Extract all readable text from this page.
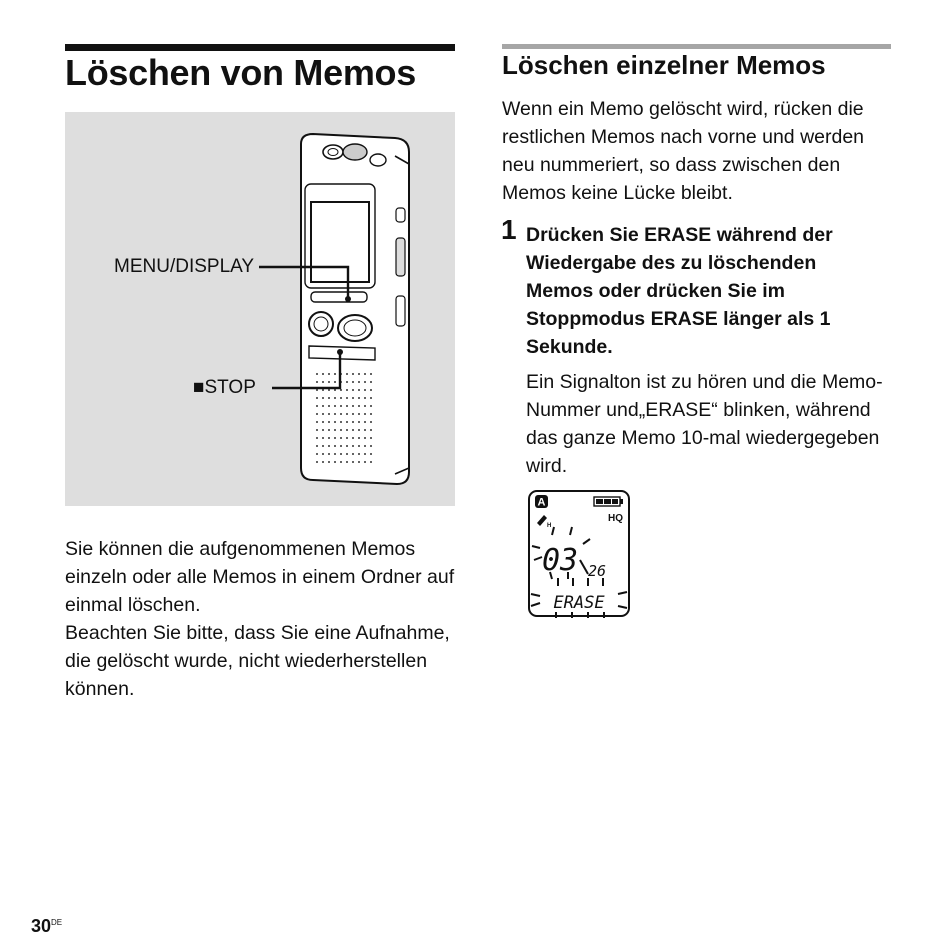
Löschen von Memos
MENU/DISPLAY
■STOP

Sie können die aufgenommenen Memos einzeln oder alle Memos in einem Ordner auf einmal löschen.

Beachten Sie bitte, dass Sie eine Aufnahme, die gelöscht wurde, nicht wiederherstellen können.

Löschen einzelner Memos

Wenn ein Memo gelöscht wird, rücken die restlichen Memos nach vorne und werden neu nummeriert, so dass zwischen den Memos keine Lücke bleibt.

1 Drücken Sie ERASE während der Wiedergabe des zu löschenden Memos oder drücken Sie im Stoppmodus ERASE länger als 1 Sekunde.

Ein Signalton ist zu hören und die Memo-Nummer und„ERASE“ blinken, während das ganze Memo 10-mal wiedergegeben wird.

A
H
HQ
03 26
ERASE
30DE
